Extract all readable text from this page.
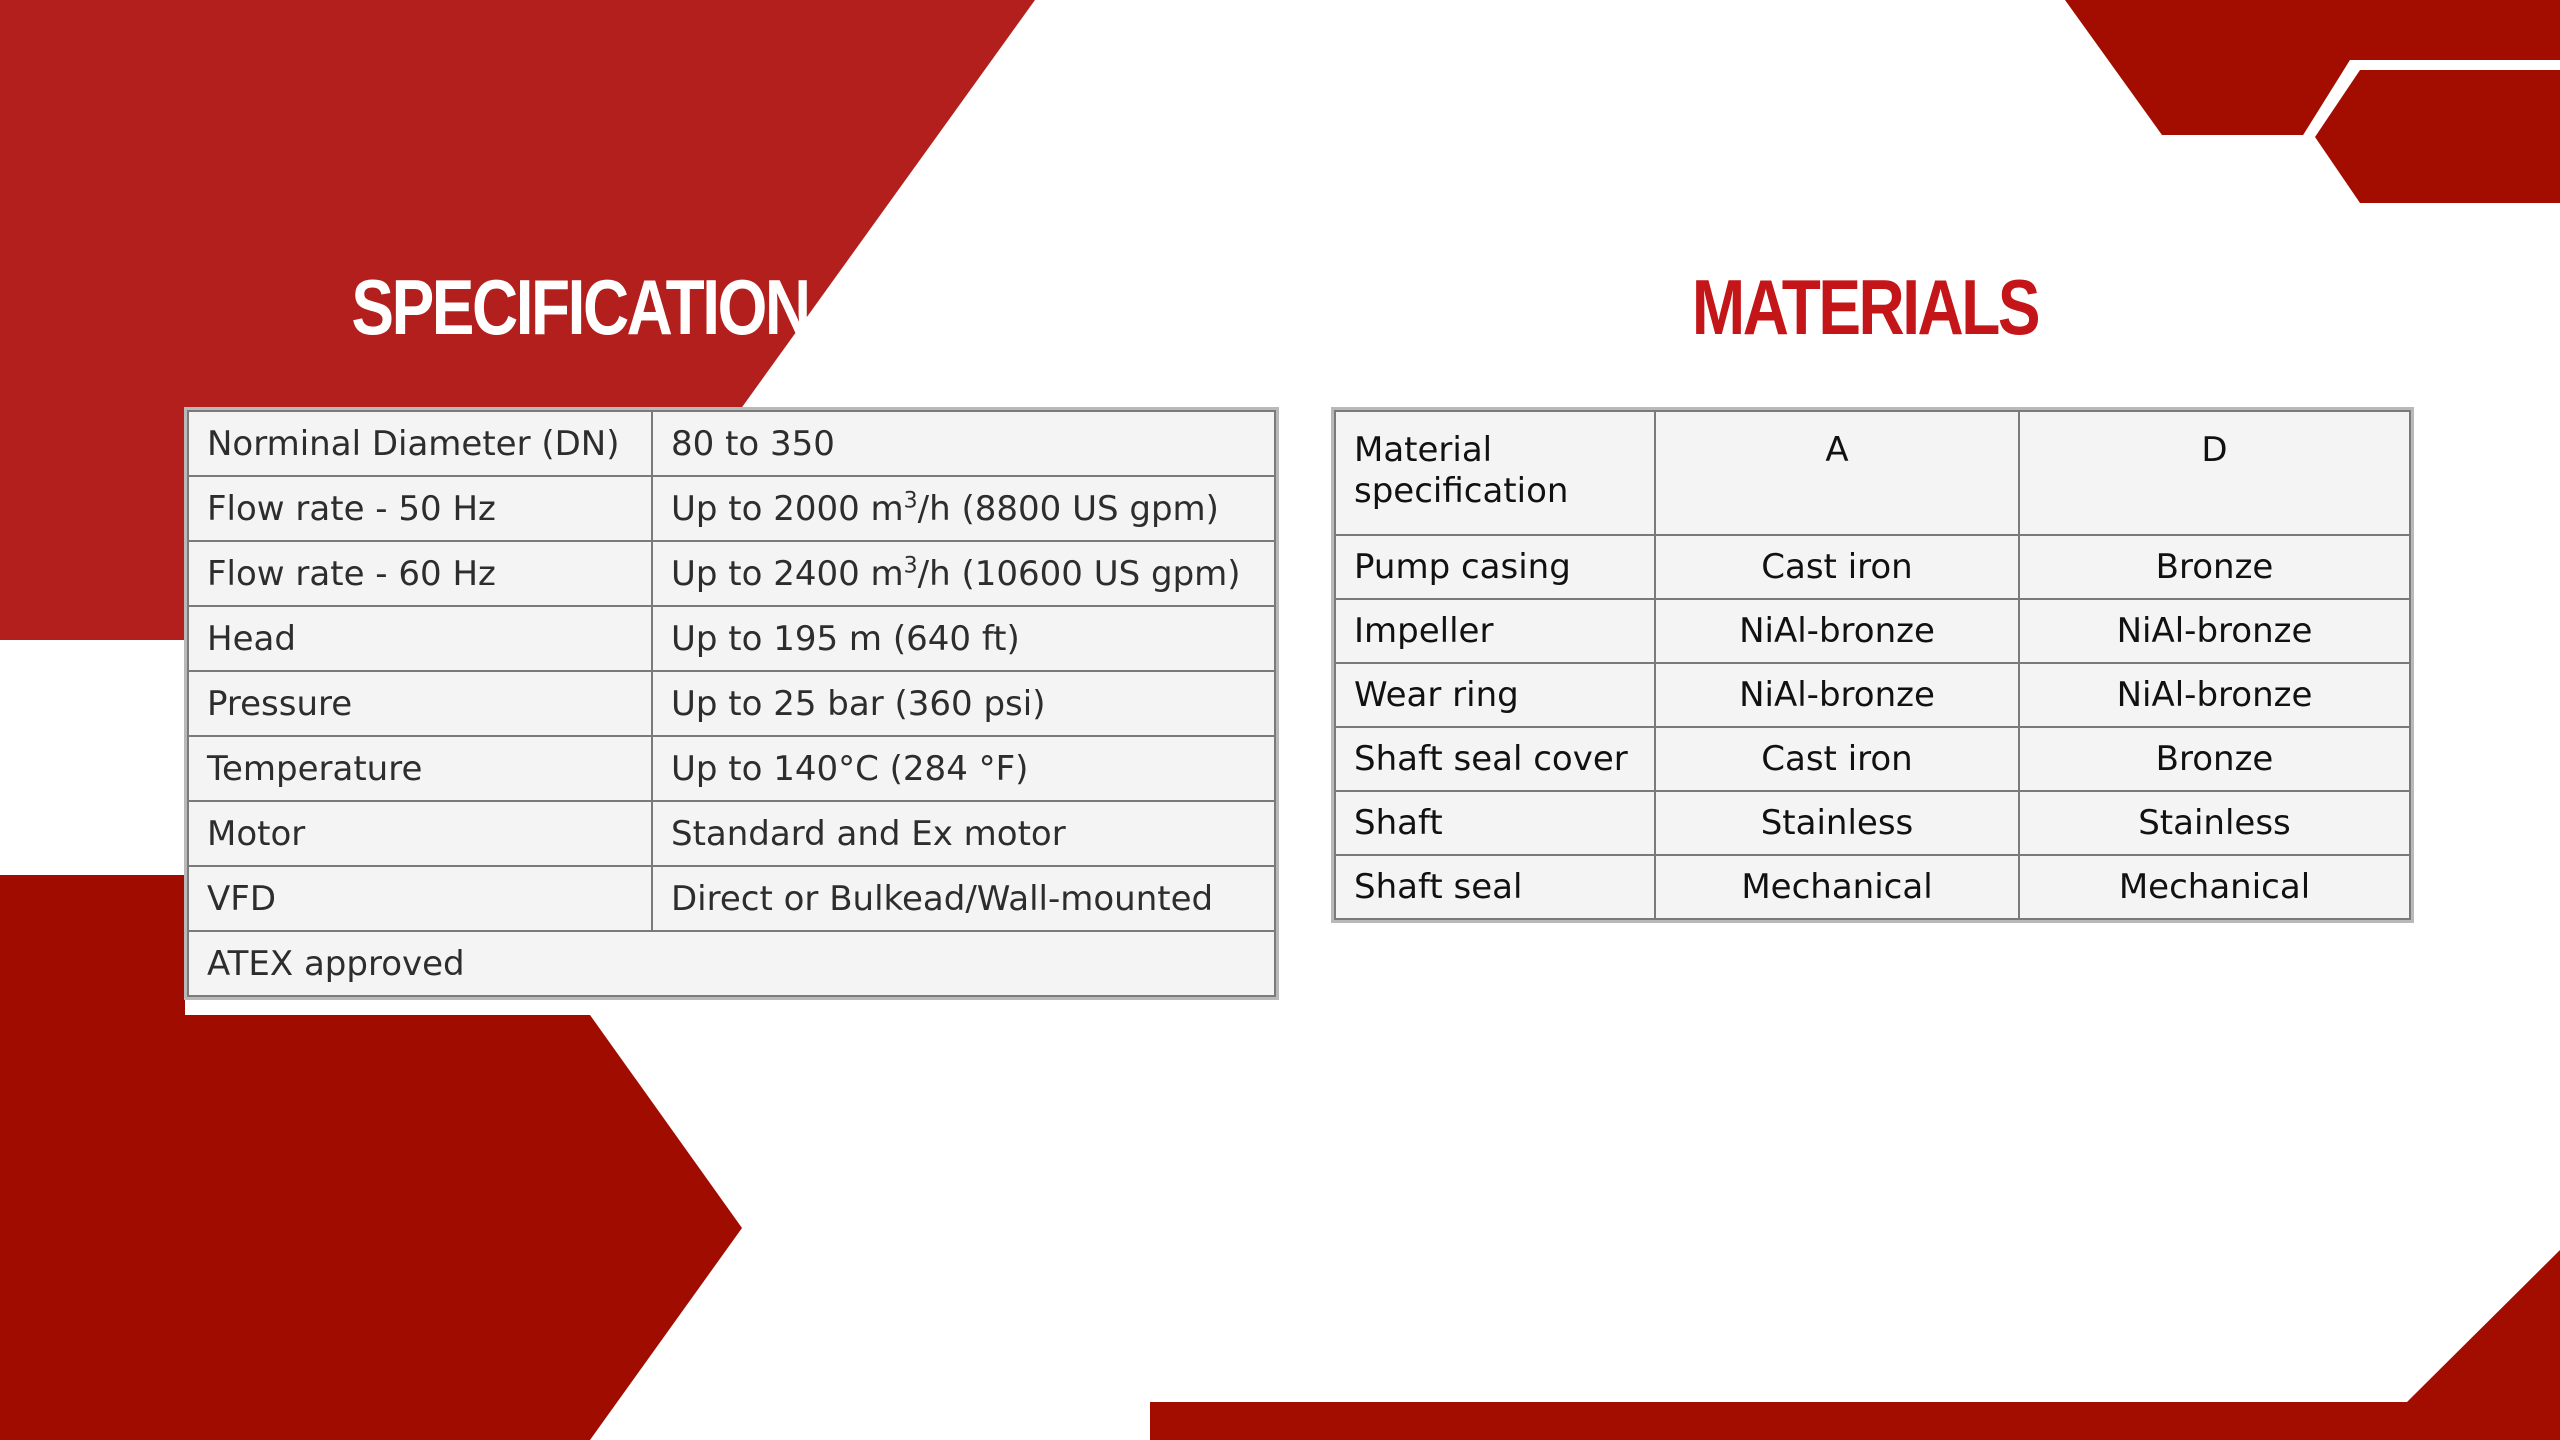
SPECIFICATION	MATERIALS
Norminal Diameter (DN)	80 to 350
Flow rate - 50 Hz	Up to 2000 $m^3/h$ (8800 US gpm)
Flow rate - 60 Hz	Up to 2400 $m^3/h$ (10600 US gpm)
Head	Up to 195 m (640 ft)
Pressure	Up to 25 bar (360 psi)
Temperature	Up to 140°C (284 °F)
Motor	Standard and Ex motor
VFD	Direct or Bulkead/Wall-mounted
ATEX approved	
Material specification	A	D
Pump casing	Cast iron	Bronze
Impeller	NiAl-bronze	NiAl-bronze
Wear ring	NiAl-bronze	NiAl-bronze
Shaft seal cover	Cast iron	Bronze
Shaft	Stainless	Stainless
Shaft seal	Mechanical	Mechanical
